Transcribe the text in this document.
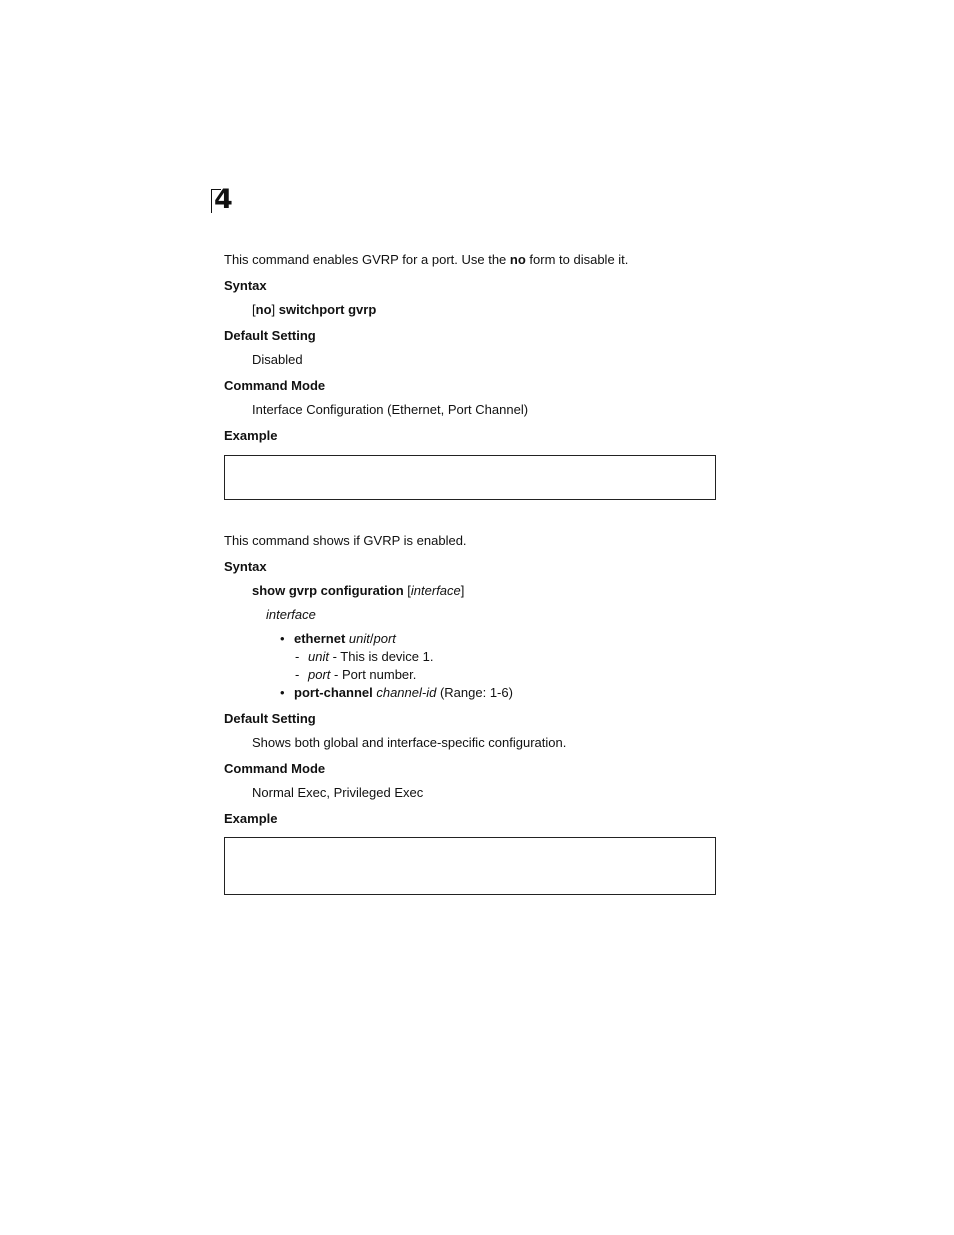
4
This command enables GVRP for a port. Use the no form to disable it.
Syntax
[no] switchport gvrp
Default Setting
Disabled
Command Mode
Interface Configuration (Ethernet, Port Channel)
Example
This command shows if GVRP is enabled.
Syntax
show gvrp configuration [interface]
interface
• ethernet unit/port
- unit - This is device 1.
- port - Port number.
• port-channel channel-id (Range: 1-6)
Default Setting
Shows both global and interface-specific configuration.
Command Mode
Normal Exec, Privileged Exec
Example
